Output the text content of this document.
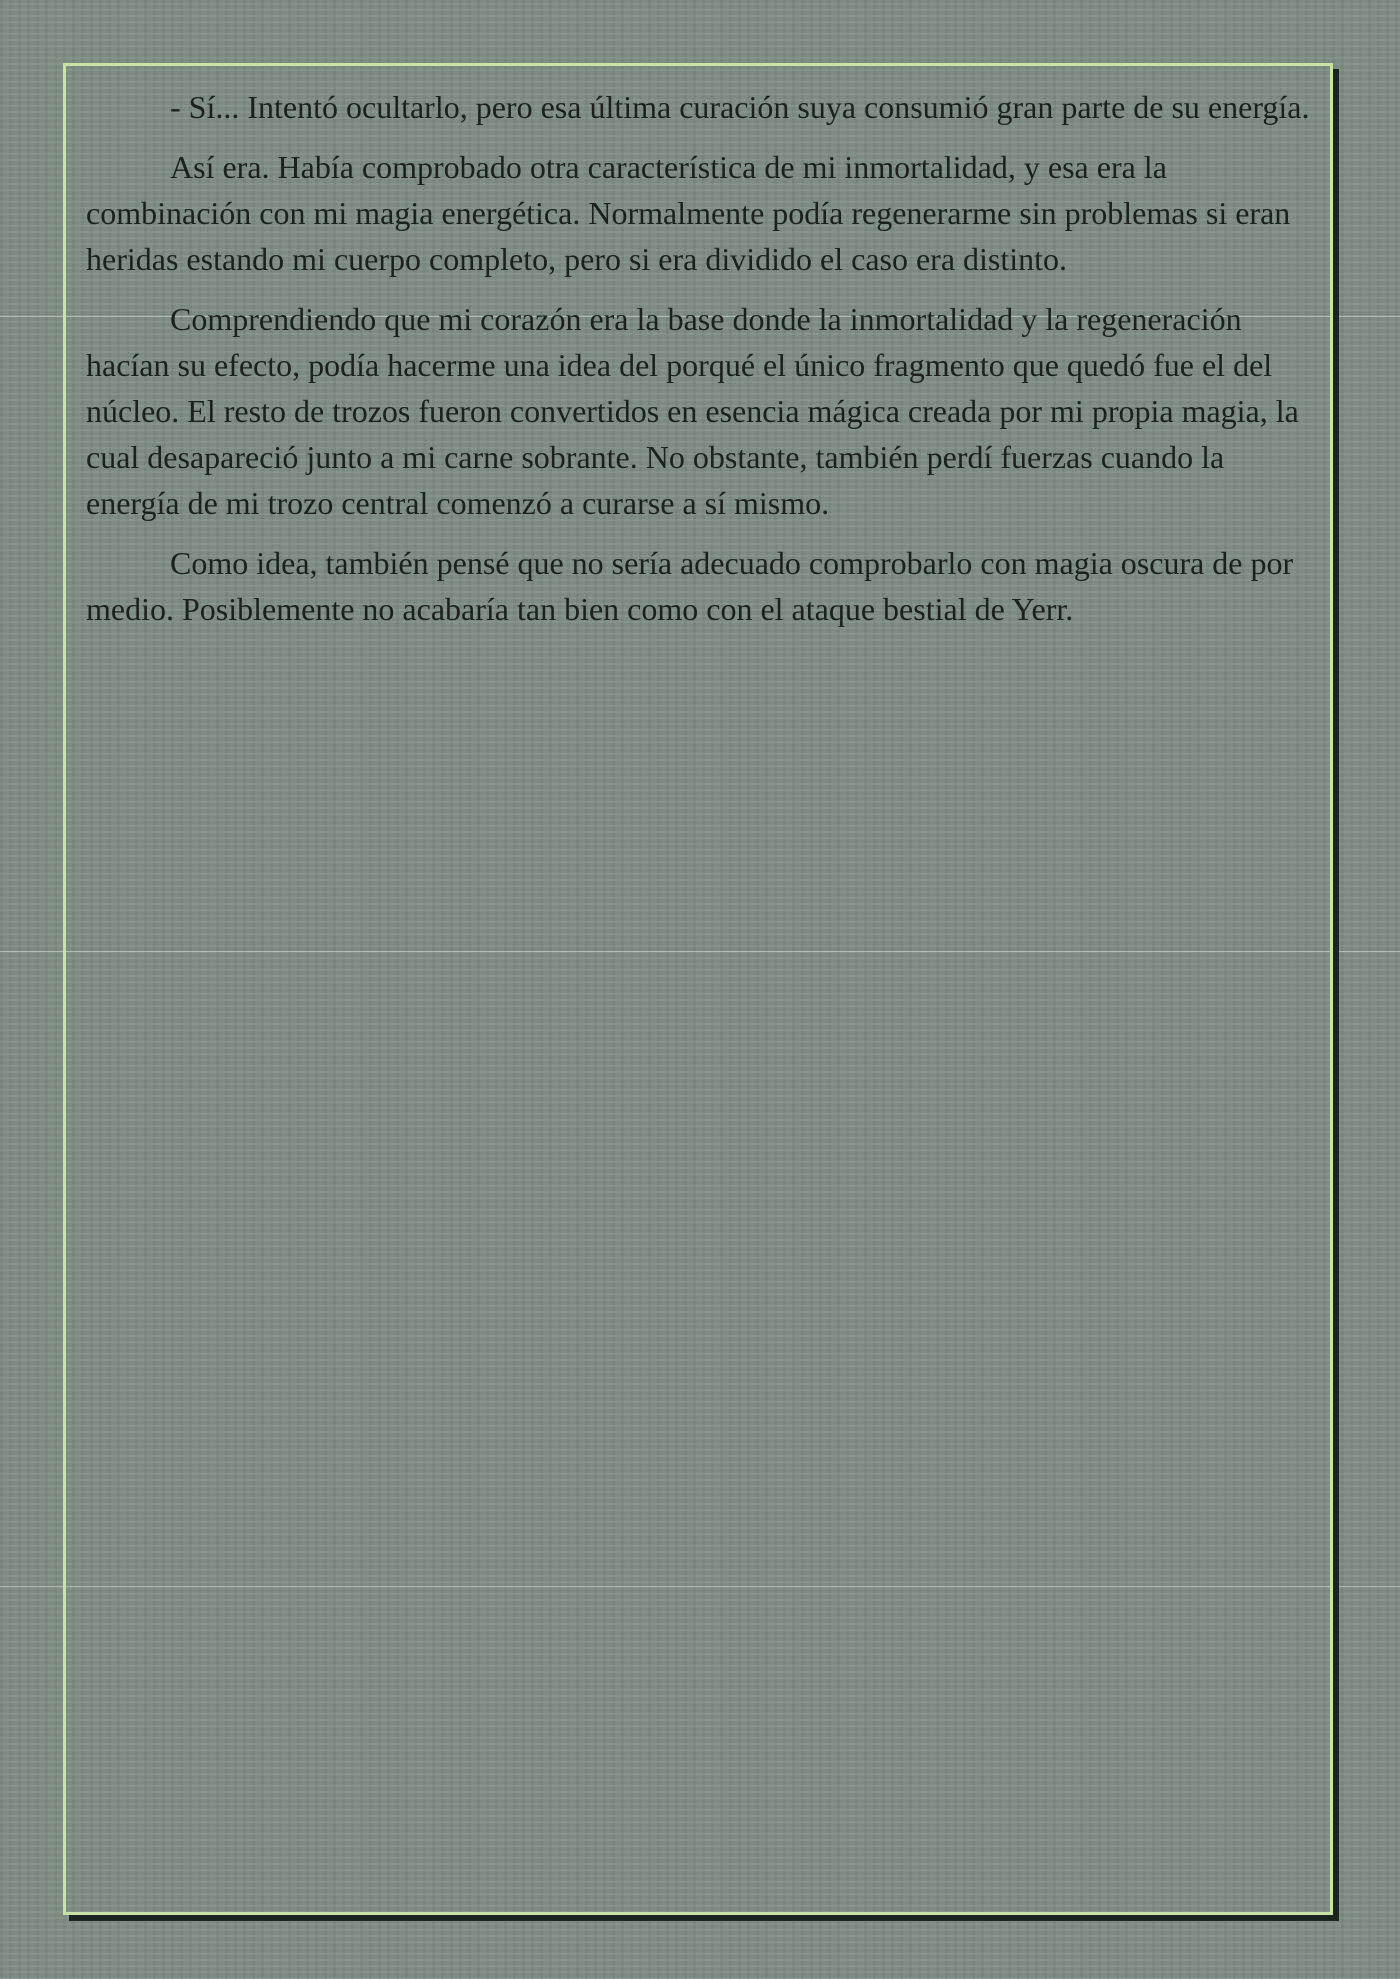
- Sí... Intentó ocultarlo, pero esa última curación suya consumió gran parte de su energía.

Así era. Había comprobado otra característica de mi inmortalidad, y esa era la combinación con mi magia energética. Normalmente podía regenerarme sin problemas si eran heridas estando mi cuerpo completo, pero si era dividido el caso era distinto.

Comprendiendo que mi corazón era la base donde la inmortalidad y la regeneración hacían su efecto, podía hacerme una idea del porqué el único fragmento que quedó fue el del núcleo. El resto de trozos fueron convertidos en esencia mágica creada por mi propia magia, la cual desapareció junto a mi carne sobrante. No obstante, también perdí fuerzas cuando la energía de mi trozo central comenzó a curarse a sí mismo.

Como idea, también pensé que no sería adecuado comprobarlo con magia oscura de por medio. Posiblemente no acabaría tan bien como con el ataque bestial de Yerr.
